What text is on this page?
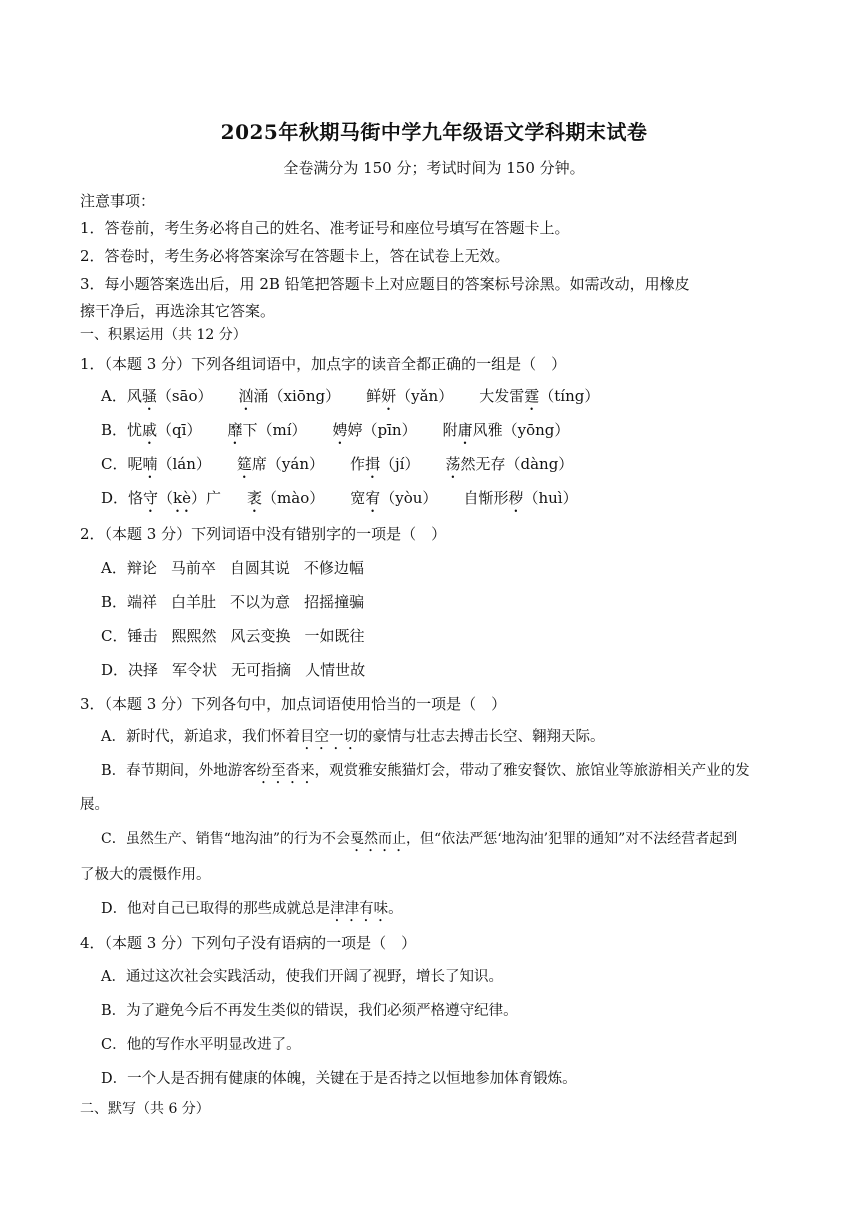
2025年秋期马街中学九年级语文学科期末试卷
全卷满分为 150 分；考试时间为 150 分钟。
注意事项：
1．答卷前，考生务必将自己的姓名、准考证号和座位号填写在答题卡上。
2．答卷时，考生务必将答案涂写在答题卡上，答在试卷上无效。
3．每小题答案选出后，用 2B 铅笔把答题卡上对应题目的答案标号涂黑。如需改动，用橡皮
擦干净后，再选涂其它答案。
一、积累运用（共 12 分）
1．（本题 3 分）下列各组词语中，加点字的读音全都正确的一组是（　）
A．风骚（sāo） 汹涌（xiōng） 鲜妍（yǎn） 大发雷霆（tíng）
B．忧戚（qī） 靡下（mí） 娉婷（pīn） 附庸风雅（yōng）
C．呢喃（lán） 筵席（yán） 作揖（jí） 荡然无存（dàng）
D．恪守（kè）广 袤（mào） 宽宥（yòu） 自惭形秽（huì）
2．（本题 3 分）下列词语中没有错别字的一项是（　）
A．辩论 马前卒 自圆其说 不修边幅
B．端祥 白羊肚 不以为意 招摇撞骗
C．锤击 熙熙然 风云变换 一如既往
D．决择 军令状 无可指摘 人情世故
3．（本题 3 分）下列各句中，加点词语使用恰当的一项是（　）
A．新时代，新追求，我们怀着目空一切的豪情与壮志去搏击长空、翱翔天际。
B．春节期间，外地游客纷至沓来，观赏雅安熊猫灯会，带动了雅安餐饮、旅馆业等旅游相关产业的发
展。
C．虽然生产、销售“地沟油”的行为不会戛然而止，但“依法严惩‘地沟油’犯罪的通知”对不法经营者起到
了极大的震慑作用。
D．他对自己已取得的那些成就总是津津有味。
4．（本题 3 分）下列句子没有语病的一项是（　）
A．通过这次社会实践活动，使我们开阔了视野，增长了知识。
B．为了避免今后不再发生类似的错误，我们必须严格遵守纪律。
C．他的写作水平明显改进了。
D．一个人是否拥有健康的体魄，关键在于是否持之以恒地参加体育锻炼。
二、默写（共 6 分）
